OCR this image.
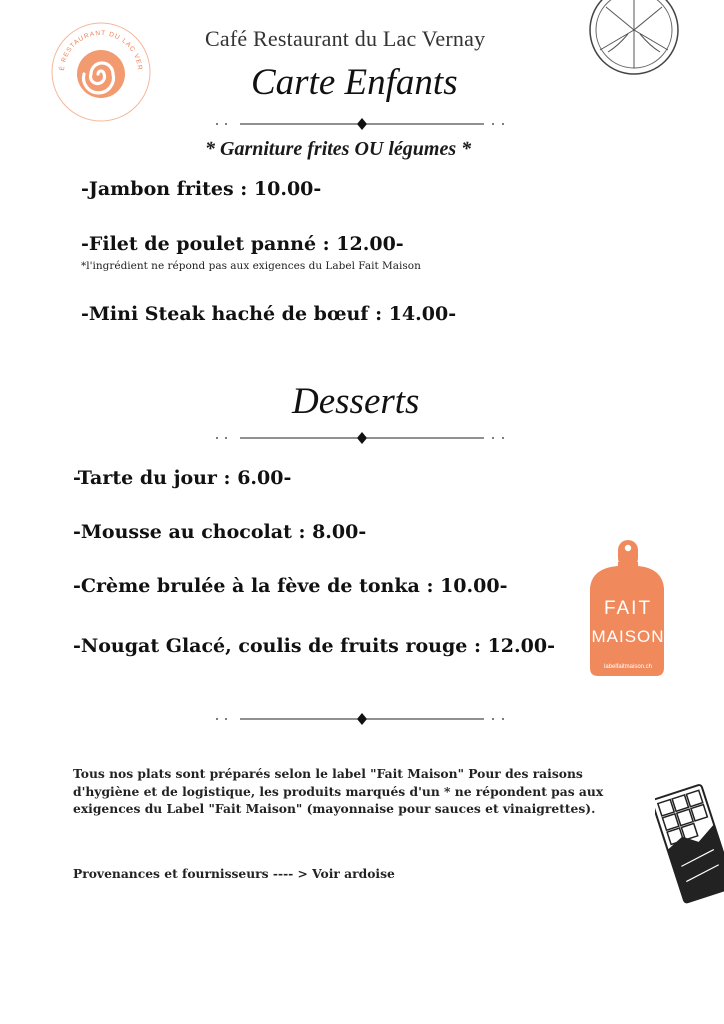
É RESTAURANT DU LAC VER
Café Restaurant du Lac Vernay
Carte Enfants
* Garniture frites OU légumes *
-Jambon frites : 10.00-
-Filet de poulet panné : 12.00-
*l'ingrédient ne répond pas aux exigences du Label Fait Maison
-Mini Steak haché de bœuf : 14.00-
Desserts
-Tarte du jour : 6.00-
-Mousse au chocolat : 8.00-
-Crème brulée à la fève de tonka : 10.00-
-Nougat Glacé, coulis de fruits rouge : 12.00-
FAIT
MAISON
labelfaitmaison.ch
Tous nos plats sont préparés selon le label "Fait Maison" Pour des raisons d'hygiène et de logistique, les produits marqués d'un * ne répondent pas aux exigences du Label "Fait Maison" (mayonnaise pour sauces et vinaigrettes).
Provenances et fournisseurs ---- > Voir ardoise
